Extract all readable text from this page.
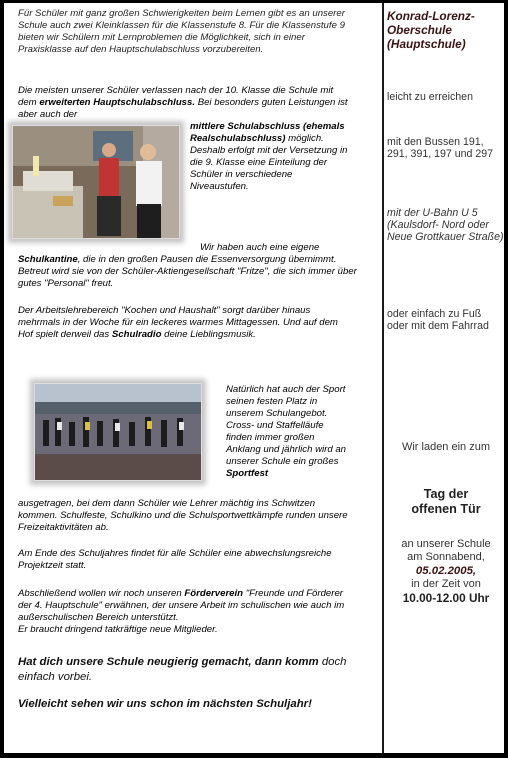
Für Schüler mit ganz großen Schwierigkeiten beim Lernen gibt es an unserer Schule auch zwei Kleinklassen für die Klassenstufe 8. Für die Klassenstufe 9 bieten wir Schülern mit Lernproblemen die Möglichkeit, sich in einer Praxisklasse auf den Hauptschulabschluss vorzubereiten.

Die meisten unserer Schüler verlassen nach der 10. Klasse die Schule mit dem erweiterten Hauptschulabschluss. Bei besonders guten Leistungen ist aber auch der

mittlere Schulabschluss (ehemals Realschulabschluss) möglich.

Deshalb erfolgt mit der Versetzung in die 9. Klasse eine Einteilung der Schüler in verschiedene Niveaustufen.

Wir haben auch eine eigene

Schulkantine, die in den großen Pausen die Essenversorgung übernimmt. Betreut wird sie von der Schüler-Aktiengesellschaft "Fritze", die sich immer über gutes "Personal" freut.

Der Arbeitslehrebereich "Kochen und Haushalt" sorgt darüber hinaus mehrmals in der Woche für ein leckeres warmes Mittagessen. Und auf dem Hof spielt derweil das Schulradio deine Lieblingsmusik.

Natürlich hat auch der Sport seinen festen Platz in unserem Schulangebot. Cross- und Staffelläufe finden immer großen Anklang und jährlich wird an unserer Schule ein großes Sportfest

ausgetragen, bei dem dann Schüler wie Lehrer mächtig ins Schwitzen kommen. Schulfeste, Schulkino und die Schulsportwettkämpfe runden unsere Freizeitaktivitäten ab.

Am Ende des Schuljahres findet für alle Schüler eine abwechslungsreiche Projektzeit statt.

Abschließend wollen wir noch unseren Förderverein "Freunde und Förderer der 4. Hauptschule" erwähnen, der unsere Arbeit im schulischen wie auch im außerschulischen Bereich unterstützt.

Er braucht dringend tatkräftige neue Mitglieder.

Hat dich unsere Schule neugierig gemacht, dann komm doch einfach vorbei.

Vielleicht sehen wir uns schon im nächsten Schuljahr!

Konrad-Lorenz-Oberschule (Hauptschule)

leicht zu erreichen

mit den Bussen 191, 291, 391, 197 und 297

mit der U-Bahn U 5 (Kaulsdorf- Nord oder Neue Grottkauer Straße)

oder einfach zu Fuß oder mit dem Fahrrad

Wir laden ein zum

Tag der
offenen Tür

an unserer Schule

am Sonnabend,

05.02.2005,

in der Zeit von

10.00-12.00 Uhr
